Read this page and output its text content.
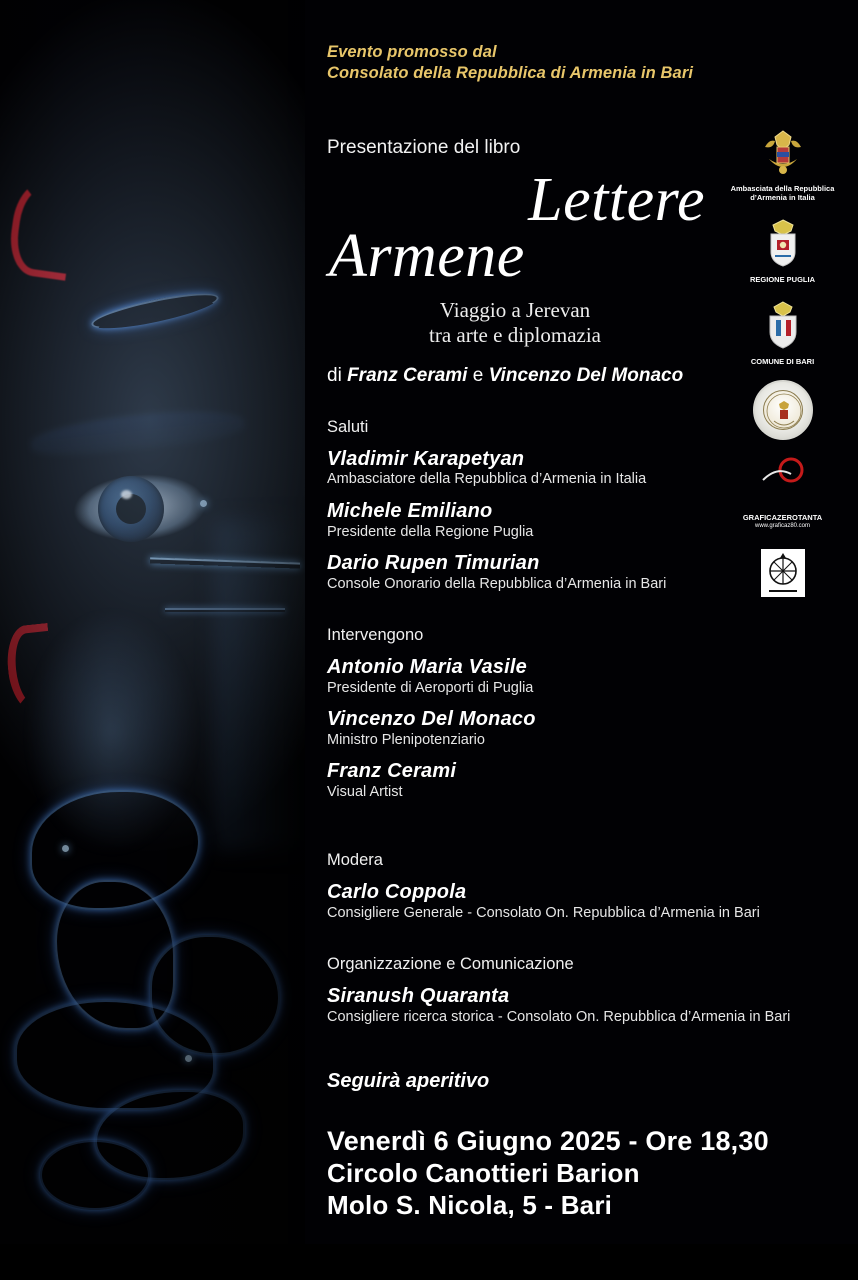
Evento promosso dal
Consolato della Repubblica di Armenia in Bari
Presentazione del libro
Lettere
Armene
Viaggio a Jerevan
tra arte e diplomazia
di Franz Cerami e Vincenzo Del Monaco
Saluti
Vladimir Karapetyan
Ambasciatore della Repubblica d’Armenia in Italia
Michele Emiliano
Presidente della Regione Puglia
Dario Rupen Timurian
Console Onorario della Repubblica d’Armenia in Bari
Intervengono
Antonio Maria Vasile
Presidente di Aeroporti di Puglia
Vincenzo Del Monaco
Ministro Plenipotenziario
Franz Cerami
Visual Artist
Modera
Carlo Coppola
Consigliere Generale - Consolato On. Repubblica d’Armenia in Bari
Organizzazione e Comunicazione
Siranush Quaranta
Consigliere ricerca storica - Consolato On. Repubblica d’Armenia in Bari
Seguirà aperitivo
Venerdì 6 Giugno 2025 - Ore 18,30
Circolo Canottieri Barion
Molo S. Nicola, 5 - Bari
Ambasciata della Repubblica
d’Armenia in Italia
REGIONE PUGLIA
COMUNE DI BARI
GRAFICAZEROTANTA
www.graficaz80.com
